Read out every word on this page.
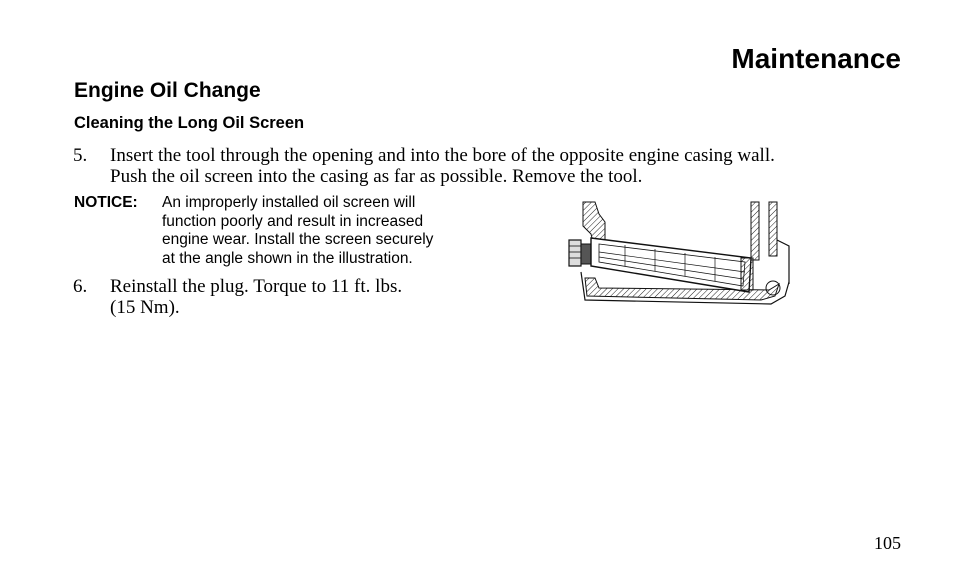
Maintenance
Engine Oil Change
Cleaning the Long Oil Screen
5. Insert the tool through the opening and into the bore of the opposite engine casing wall.
Push the oil screen into the casing as far as possible. Remove the tool.
NOTICE: An improperly installed oil screen will
function poorly and result in increased
engine wear. Install the screen securely
at the angle shown in the illustration.
6. Reinstall the plug. Torque to 11 ft. lbs.
(15 Nm).
105
